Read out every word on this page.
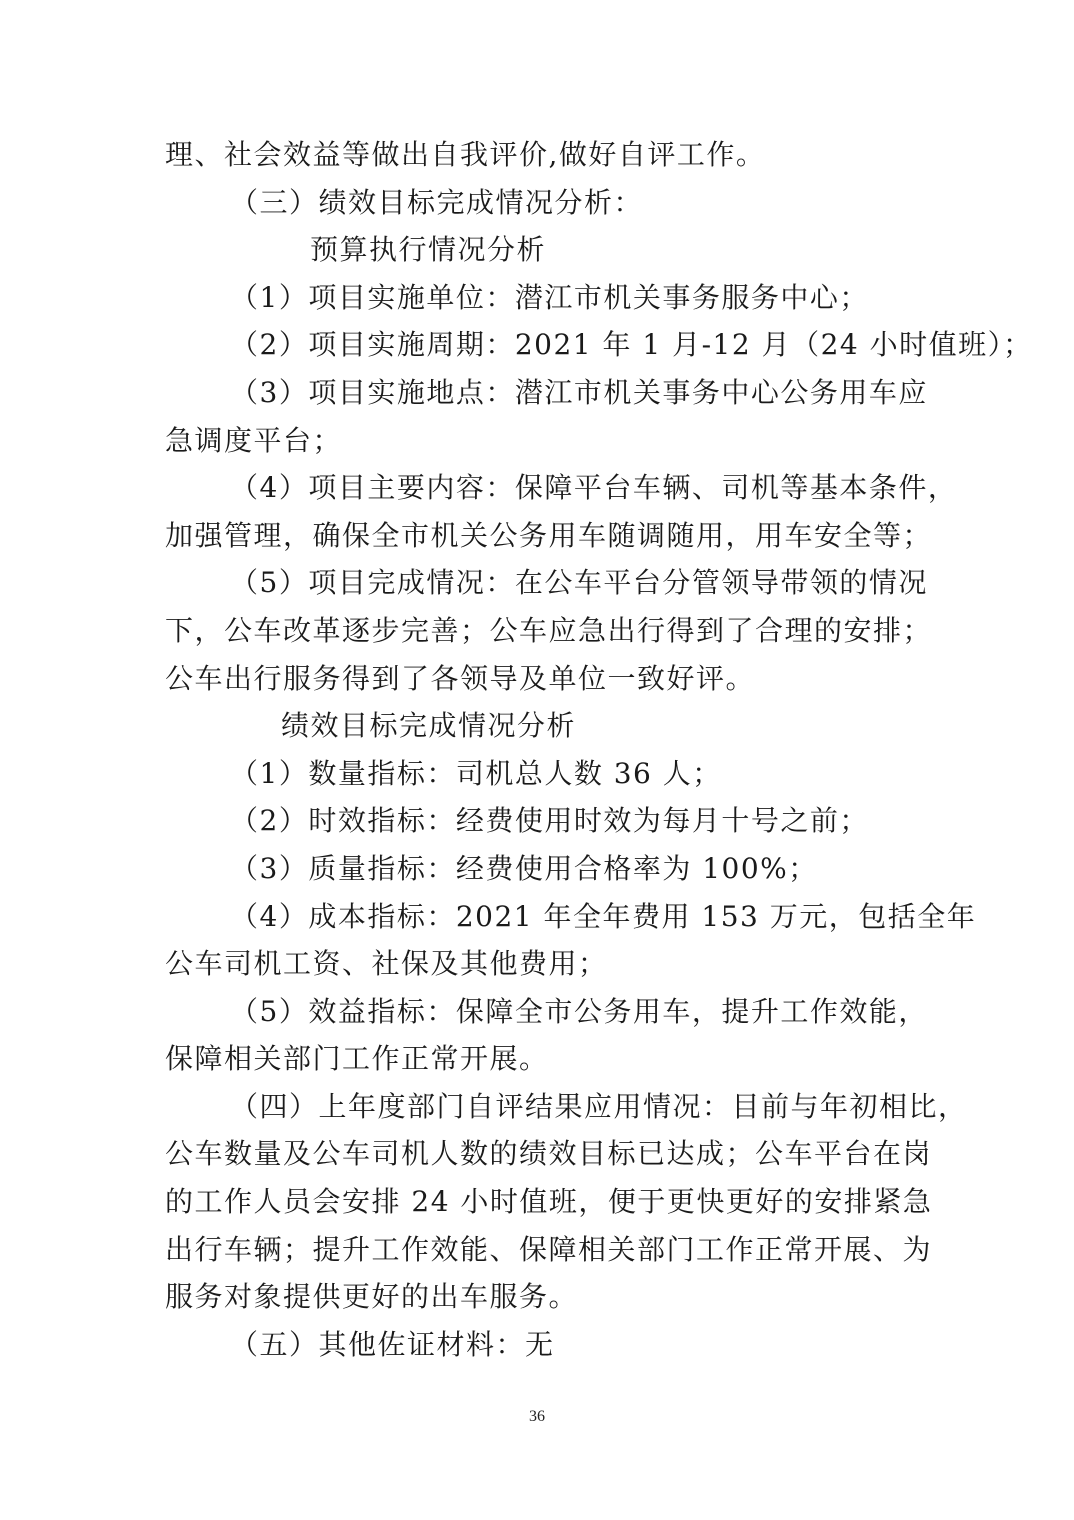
理、社会效益等做出自我评价,做好自评工作。

（三）绩效目标完成情况分析：

预算执行情况分析

（1）项目实施单位：潜江市机关事务服务中心；

（2）项目实施周期：2021 年 1 月-12 月（24 小时值班）；

（3）项目实施地点：潜江市机关事务中心公务用车应

急调度平台；

（4）项目主要内容：保障平台车辆、司机等基本条件，

加强管理，确保全市机关公务用车随调随用，用车安全等；

（5）项目完成情况：在公车平台分管领导带领的情况

下，公车改革逐步完善；公车应急出行得到了合理的安排；

公车出行服务得到了各领导及单位一致好评。

绩效目标完成情况分析

（1）数量指标：司机总人数 36 人；

（2）时效指标：经费使用时效为每月十号之前；

（3）质量指标：经费使用合格率为 100%；

（4）成本指标：2021 年全年费用 153 万元，包括全年

公车司机工资、社保及其他费用；

（5）效益指标：保障全市公务用车，提升工作效能，

保障相关部门工作正常开展。

（四）上年度部门自评结果应用情况：目前与年初相比，

公车数量及公车司机人数的绩效目标已达成；公车平台在岗

的工作人员会安排 24 小时值班，便于更快更好的安排紧急

出行车辆；提升工作效能、保障相关部门工作正常开展、为

服务对象提供更好的出车服务。

（五）其他佐证材料：无

36
